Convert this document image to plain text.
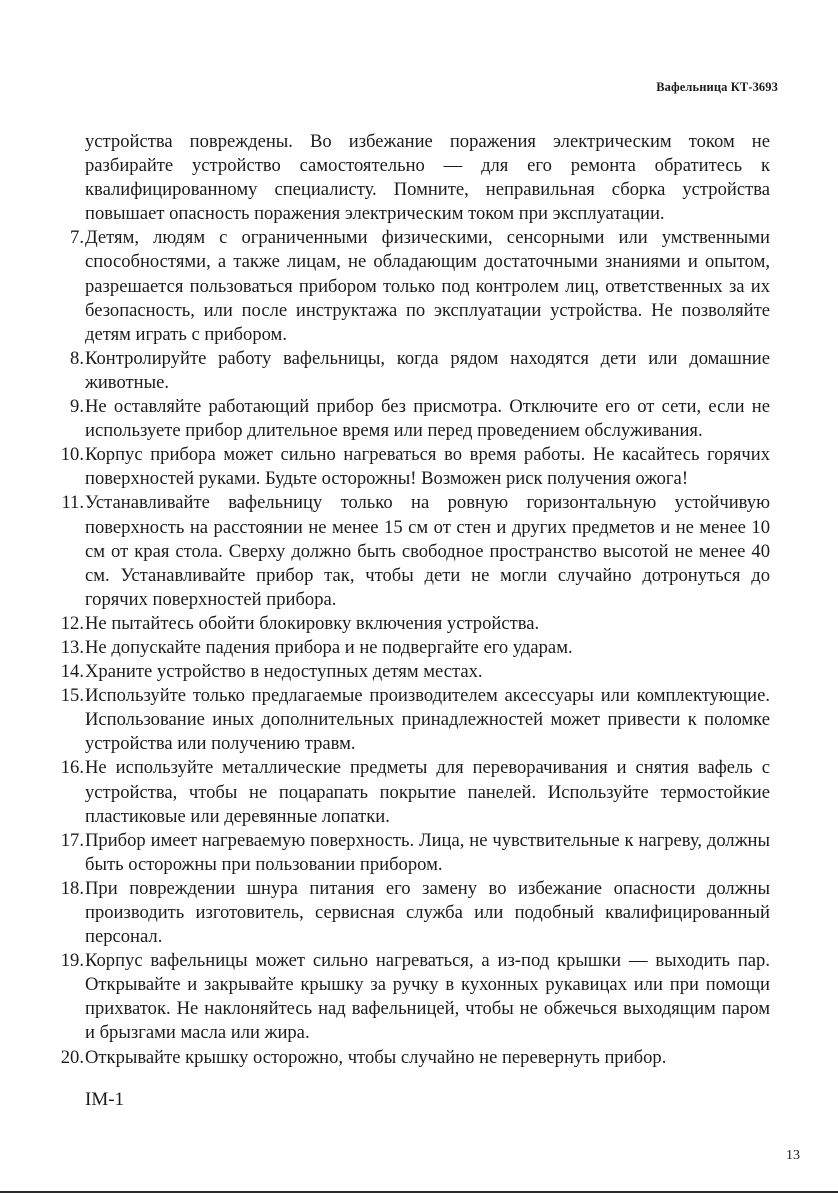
Вафельница КТ-3693

устройства повреждены. Во избежание поражения электрическим током не разбирайте устройство самостоятельно — для его ремонта обратитесь к квалифицированному специалисту. Помните, неправильная сборка устройства повышает опасность поражения электрическим током при эксплуатации.

7. Детям, людям с ограниченными физическими, сенсорными или умственными способностями, а также лицам, не обладающим достаточными знаниями и опытом, разрешается пользоваться прибором только под контролем лиц, ответственных за их безопасность, или после инструктажа по эксплуатации устройства. Не позволяйте детям играть с прибором.
8. Контролируйте работу вафельницы, когда рядом находятся дети или домашние животные.
9. Не оставляйте работающий прибор без присмотра. Отключите его от сети, если не используете прибор длительное время или перед проведением обслуживания.
10. Корпус прибора может сильно нагреваться во время работы. Не касайтесь горячих поверхностей руками. Будьте осторожны! Возможен риск получения ожога!
11. Устанавливайте вафельницу только на ровную горизонтальную устойчивую поверхность на расстоянии не менее 15 см от стен и других предметов и не менее 10 см от края стола. Сверху должно быть свободное пространство высотой не менее 40 см. Устанавливайте прибор так, чтобы дети не могли случайно дотронуться до горячих поверхностей прибора.
12. Не пытайтесь обойти блокировку включения устройства.
13. Не допускайте падения прибора и не подвергайте его ударам.
14. Храните устройство в недоступных детям местах.
15. Используйте только предлагаемые производителем аксессуары или комплектующие. Использование иных дополнительных принадлежностей может привести к поломке устройства или получению травм.
16. Не используйте металлические предметы для переворачивания и снятия вафель с устройства, чтобы не поцарапать покрытие панелей. Используйте термостойкие пластиковые или деревянные лопатки.
17. Прибор имеет нагреваемую поверхность. Лица, не чувствительные к нагреву, должны быть осторожны при пользовании прибором.
18. При повреждении шнура питания его замену во избежание опасности должны производить изготовитель, сервисная служба или подобный квалифицированный персонал.
19. Корпус вафельницы может сильно нагреваться, а из-под крышки — выходить пар. Открывайте и закрывайте крышку за ручку в кухонных рукавицах или при помощи прихваток. Не наклоняйтесь над вафельницей, чтобы не обжечься выходящим паром и брызгами масла или жира.
20. Открывайте крышку осторожно, чтобы случайно не перевернуть прибор.
IM-1
13
